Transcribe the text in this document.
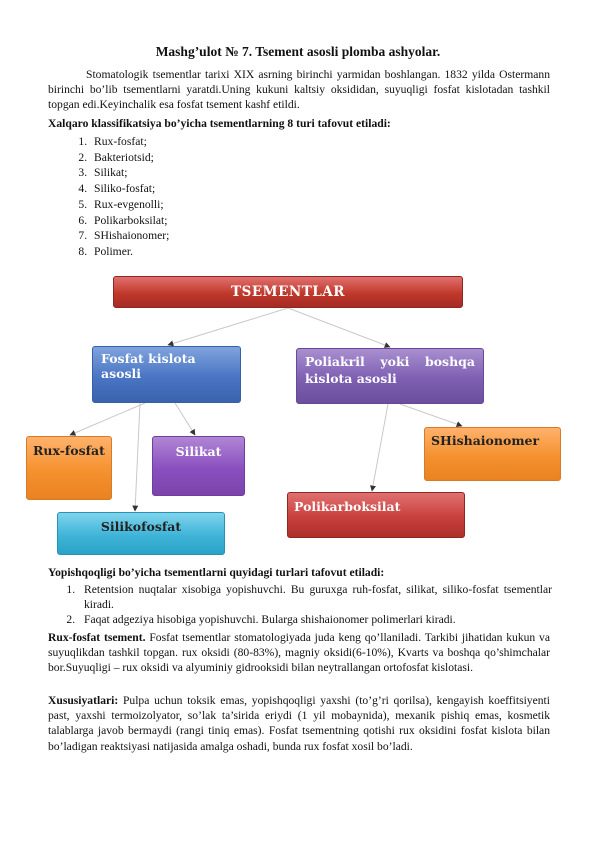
Mashg’ulot № 7. Tsement asosli plomba ashyolar.
Stomatologik tsementlar tarixi XIX asrning birinchi yarmidan boshlangan. 1832 yilda Ostermann birinchi bo’lib tsementlarni yaratdi.Uning kukuni kaltsiy oksididan, suyuqligi fosfat kislotadan tashkil topgan edi.Keyinchalik esa fosfat tsement kashf etildi.
Xalqaro klassifikatsiya bo’yicha tsementlarning 8 turi tafovut etiladi:
1. Rux-fosfat;
2. Bakteriotsid;
3. Silikat;
4. Siliko-fosfat;
5. Rux-evgenolli;
6. Polikarboksilat;
7. SHishaionomer;
8. Polimer.
TSEMENTLAR
Fosfat kislota asosli
Poliakril yoki boshqa
kislota asosli
Rux-fosfat	Silikat
SHishaionomer
Polikarboksilat
Silikofosfat
Yopishqoqligi bo’yicha tsementlarni quyidagi turlari tafovut etiladi:
1. Retentsion nuqtalar xisobiga yopishuvchi. Bu guruxga ruh-fosfat, silikat, siliko-fosfat tsementlar kiradi.
2. Faqat adgeziya hisobiga yopishuvchi. Bularga shishaionomer polimerlari kiradi.
Rux-fosfat tsement. Fosfat tsementlar stomatologiyada juda keng qo’llaniladi. Tarkibi jihatidan kukun va suyuqlikdan tashkil topgan. rux oksidi (80-83%), magniy oksidi(6-10%), Kvarts va boshqa qo’shimchalar bor.Suyuqligi – rux oksidi va alyuminiy gidrooksidi bilan neytrallangan ortofosfat kislotasi.
Xususiyatlari: Pulpa uchun toksik emas, yopishqoqligi yaxshi (to’g’ri qorilsa), kengayish koeffitsiyenti past, yaxshi termoizolyator, so’lak ta’sirida eriydi (1 yil mobaynida), mexanik pishiq emas, kosmetik talablarga javob bermaydi (rangi tiniq emas). Fosfat tsementning qotishi rux oksidini fosfat kislota bilan bo’ladigan reaktsiyasi natijasida amalga oshadi, bunda rux fosfat xosil bo’ladi.
